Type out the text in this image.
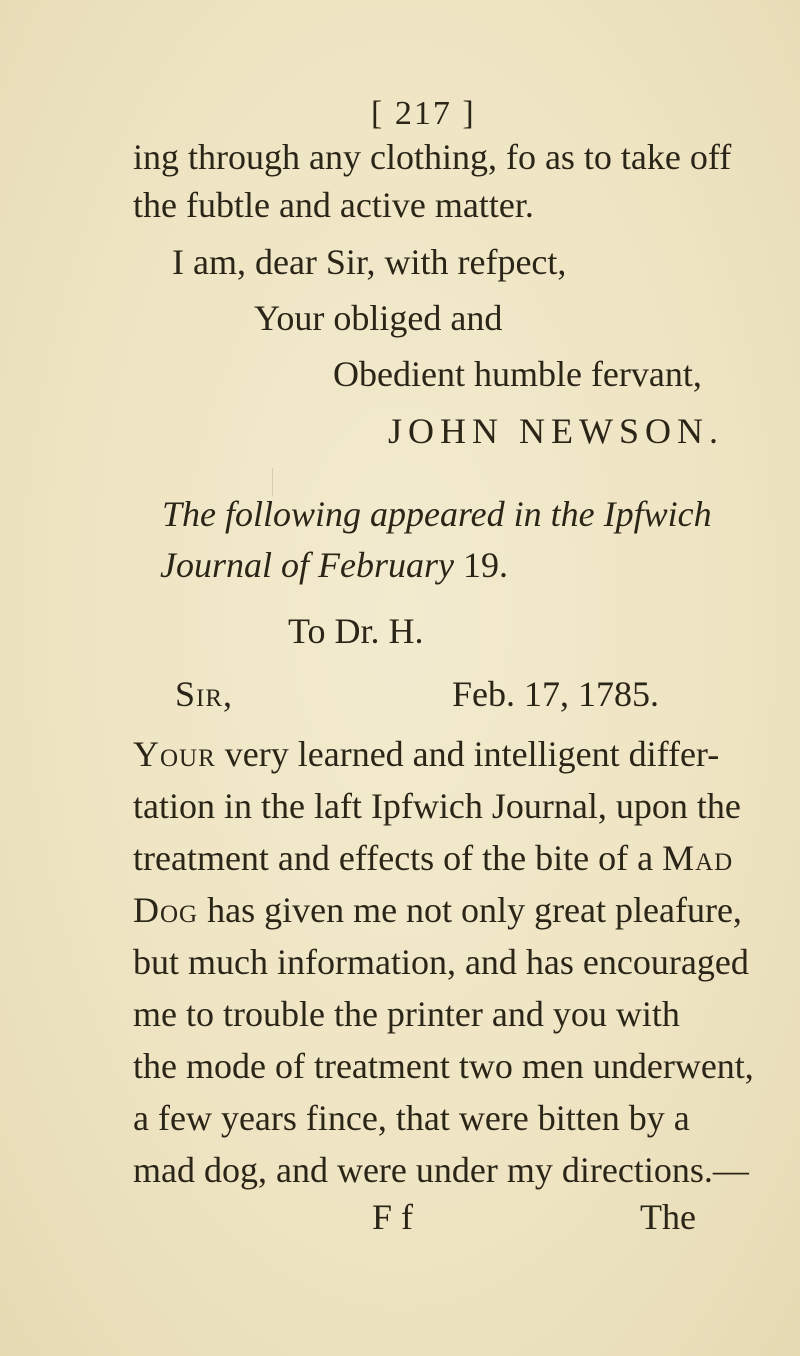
[ 217 ]
ing through any clothing, fo as to take off
the fubtle and active matter.
I am, dear Sir, with refpect,
Your obliged and
Obedient humble fervant,
JOHN NEWSON.
The following appeared in the Ipfwich
Journal of February 19.
To Dr. H.
Sir,	Feb. 17, 1785.
Your very learned and intelligent differ-
tation in the laft Ipfwich Journal, upon the
treatment and effects of the bite of a Mad
Dog has given me not only great pleafure,
but much information, and has encouraged
me to trouble the printer and you with
the mode of treatment two men underwent,
a few years fince, that were bitten by a
mad dog, and were under my directions.—
F f	The
